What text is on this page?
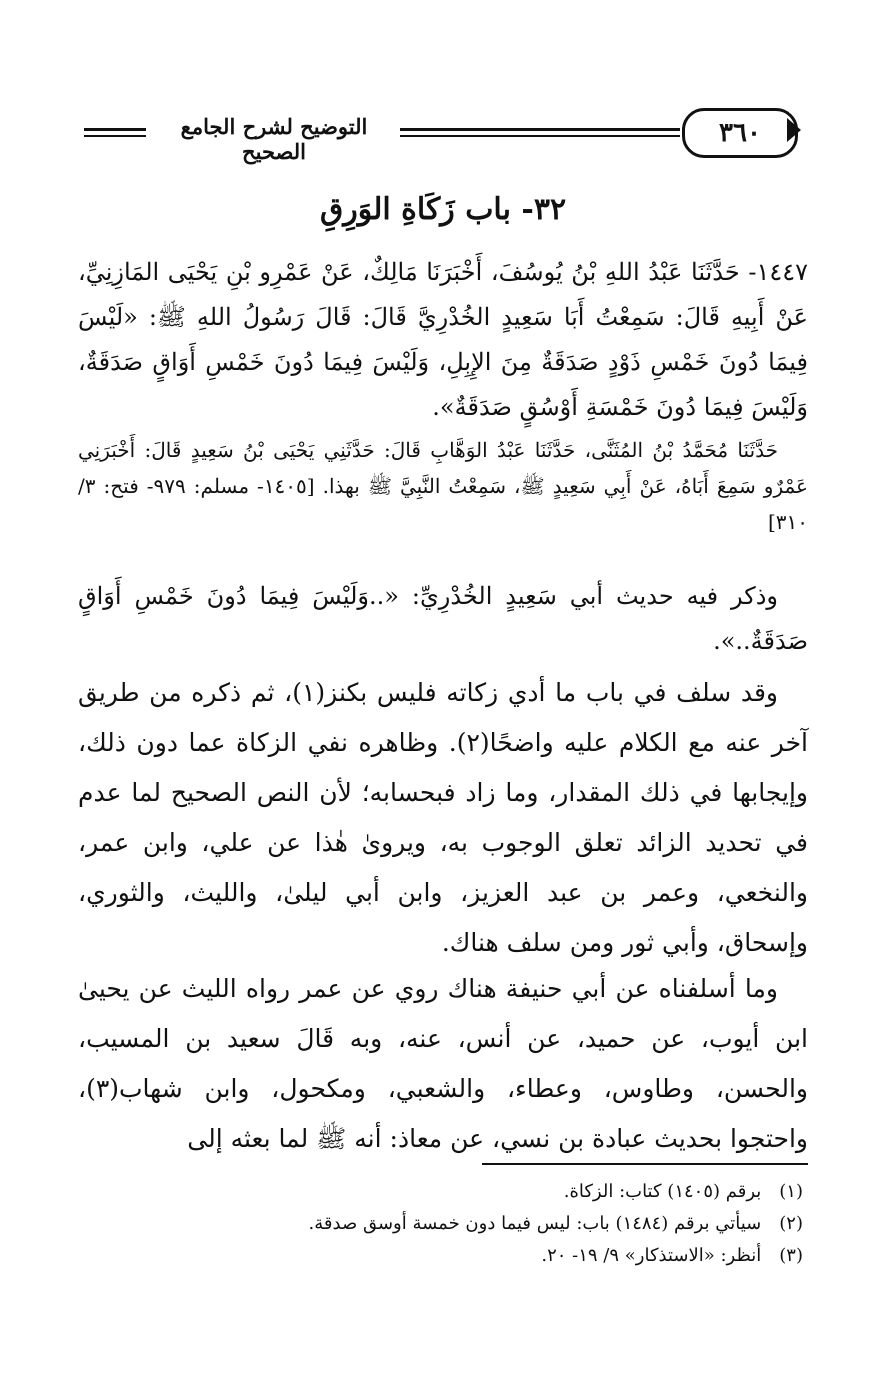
التوضيح لشرح الجامع الصحيح
٣٦٠
٣٢- باب زَكَاةِ الوَرِقِ

١٤٤٧- حَدَّثَنَا عَبْدُ اللهِ بْنُ يُوسُفَ، أَخْبَرَنَا مَالِكٌ، عَنْ عَمْرِو بْنِ يَحْيَى المَازِنِيِّ، عَنْ أَبِيهِ قَالَ: سَمِعْتُ أَبَا سَعِيدٍ الخُدْرِيَّ قَالَ: قَالَ رَسُولُ اللهِ ﷺ: «لَيْسَ فِيمَا دُونَ خَمْسِ ذَوْدٍ صَدَقَةٌ مِنَ الإِبِلِ، وَلَيْسَ فِيمَا دُونَ خَمْسِ أَوَاقٍ صَدَقَةٌ، وَلَيْسَ فِيمَا دُونَ خَمْسَةِ أَوْسُقٍ صَدَقَةٌ».

حَدَّثَنَا مُحَمَّدُ بْنُ المُثَنَّى، حَدَّثَنَا عَبْدُ الوَهَّابِ قَالَ: حَدَّثَنِي يَحْيَى بْنُ سَعِيدٍ قَالَ: أَخْبَرَنِي عَمْرٌو سَمِعَ أَبَاهُ، عَنْ أَبِي سَعِيدٍ ﷺ، سَمِعْتُ النَّبِيَّ ﷺ بهذا. [١٤٠٥- مسلم: ٩٧٩- فتح: ٣/ ٣١٠]

وذكر فيه حديث أبي سَعِيدٍ الخُدْرِيِّ: «..وَلَيْسَ فِيمَا دُونَ خَمْسِ أَوَاقٍ صَدَقَةٌ..».

وقد سلف في باب ما أدي زكاته فليس بكنز(١)، ثم ذكره من طريق آخر عنه مع الكلام عليه واضحًا(٢). وظاهره نفي الزكاة عما دون ذلك، وإيجابها في ذلك المقدار، وما زاد فبحسابه؛ لأن النص الصحيح لما عدم في تحديد الزائد تعلق الوجوب به، ويروىٰ هٰذا عن علي، وابن عمر، والنخعي، وعمر بن عبد العزيز، وابن أبي ليلىٰ، والليث، والثوري، وإسحاق، وأبي ثور ومن سلف هناك.

وما أسلفناه عن أبي حنيفة هناك روي عن عمر رواه الليث عن يحيىٰ ابن أيوب، عن حميد، عن أنس، عنه، وبه قَالَ سعيد بن المسيب، والحسن، وطاوس، وعطاء، والشعبي، ومكحول، وابن شهاب(٣)، واحتجوا بحديث عبادة بن نسي، عن معاذ: أنه ﷺ لما بعثه إلى

(١) برقم (١٤٠٥) كتاب: الزكاة.

(٢) سيأتي برقم (١٤٨٤) باب: ليس فيما دون خمسة أوسق صدقة.

(٣) أنظر: «الاستذكار» ٩/ ١٩- ٢٠.
